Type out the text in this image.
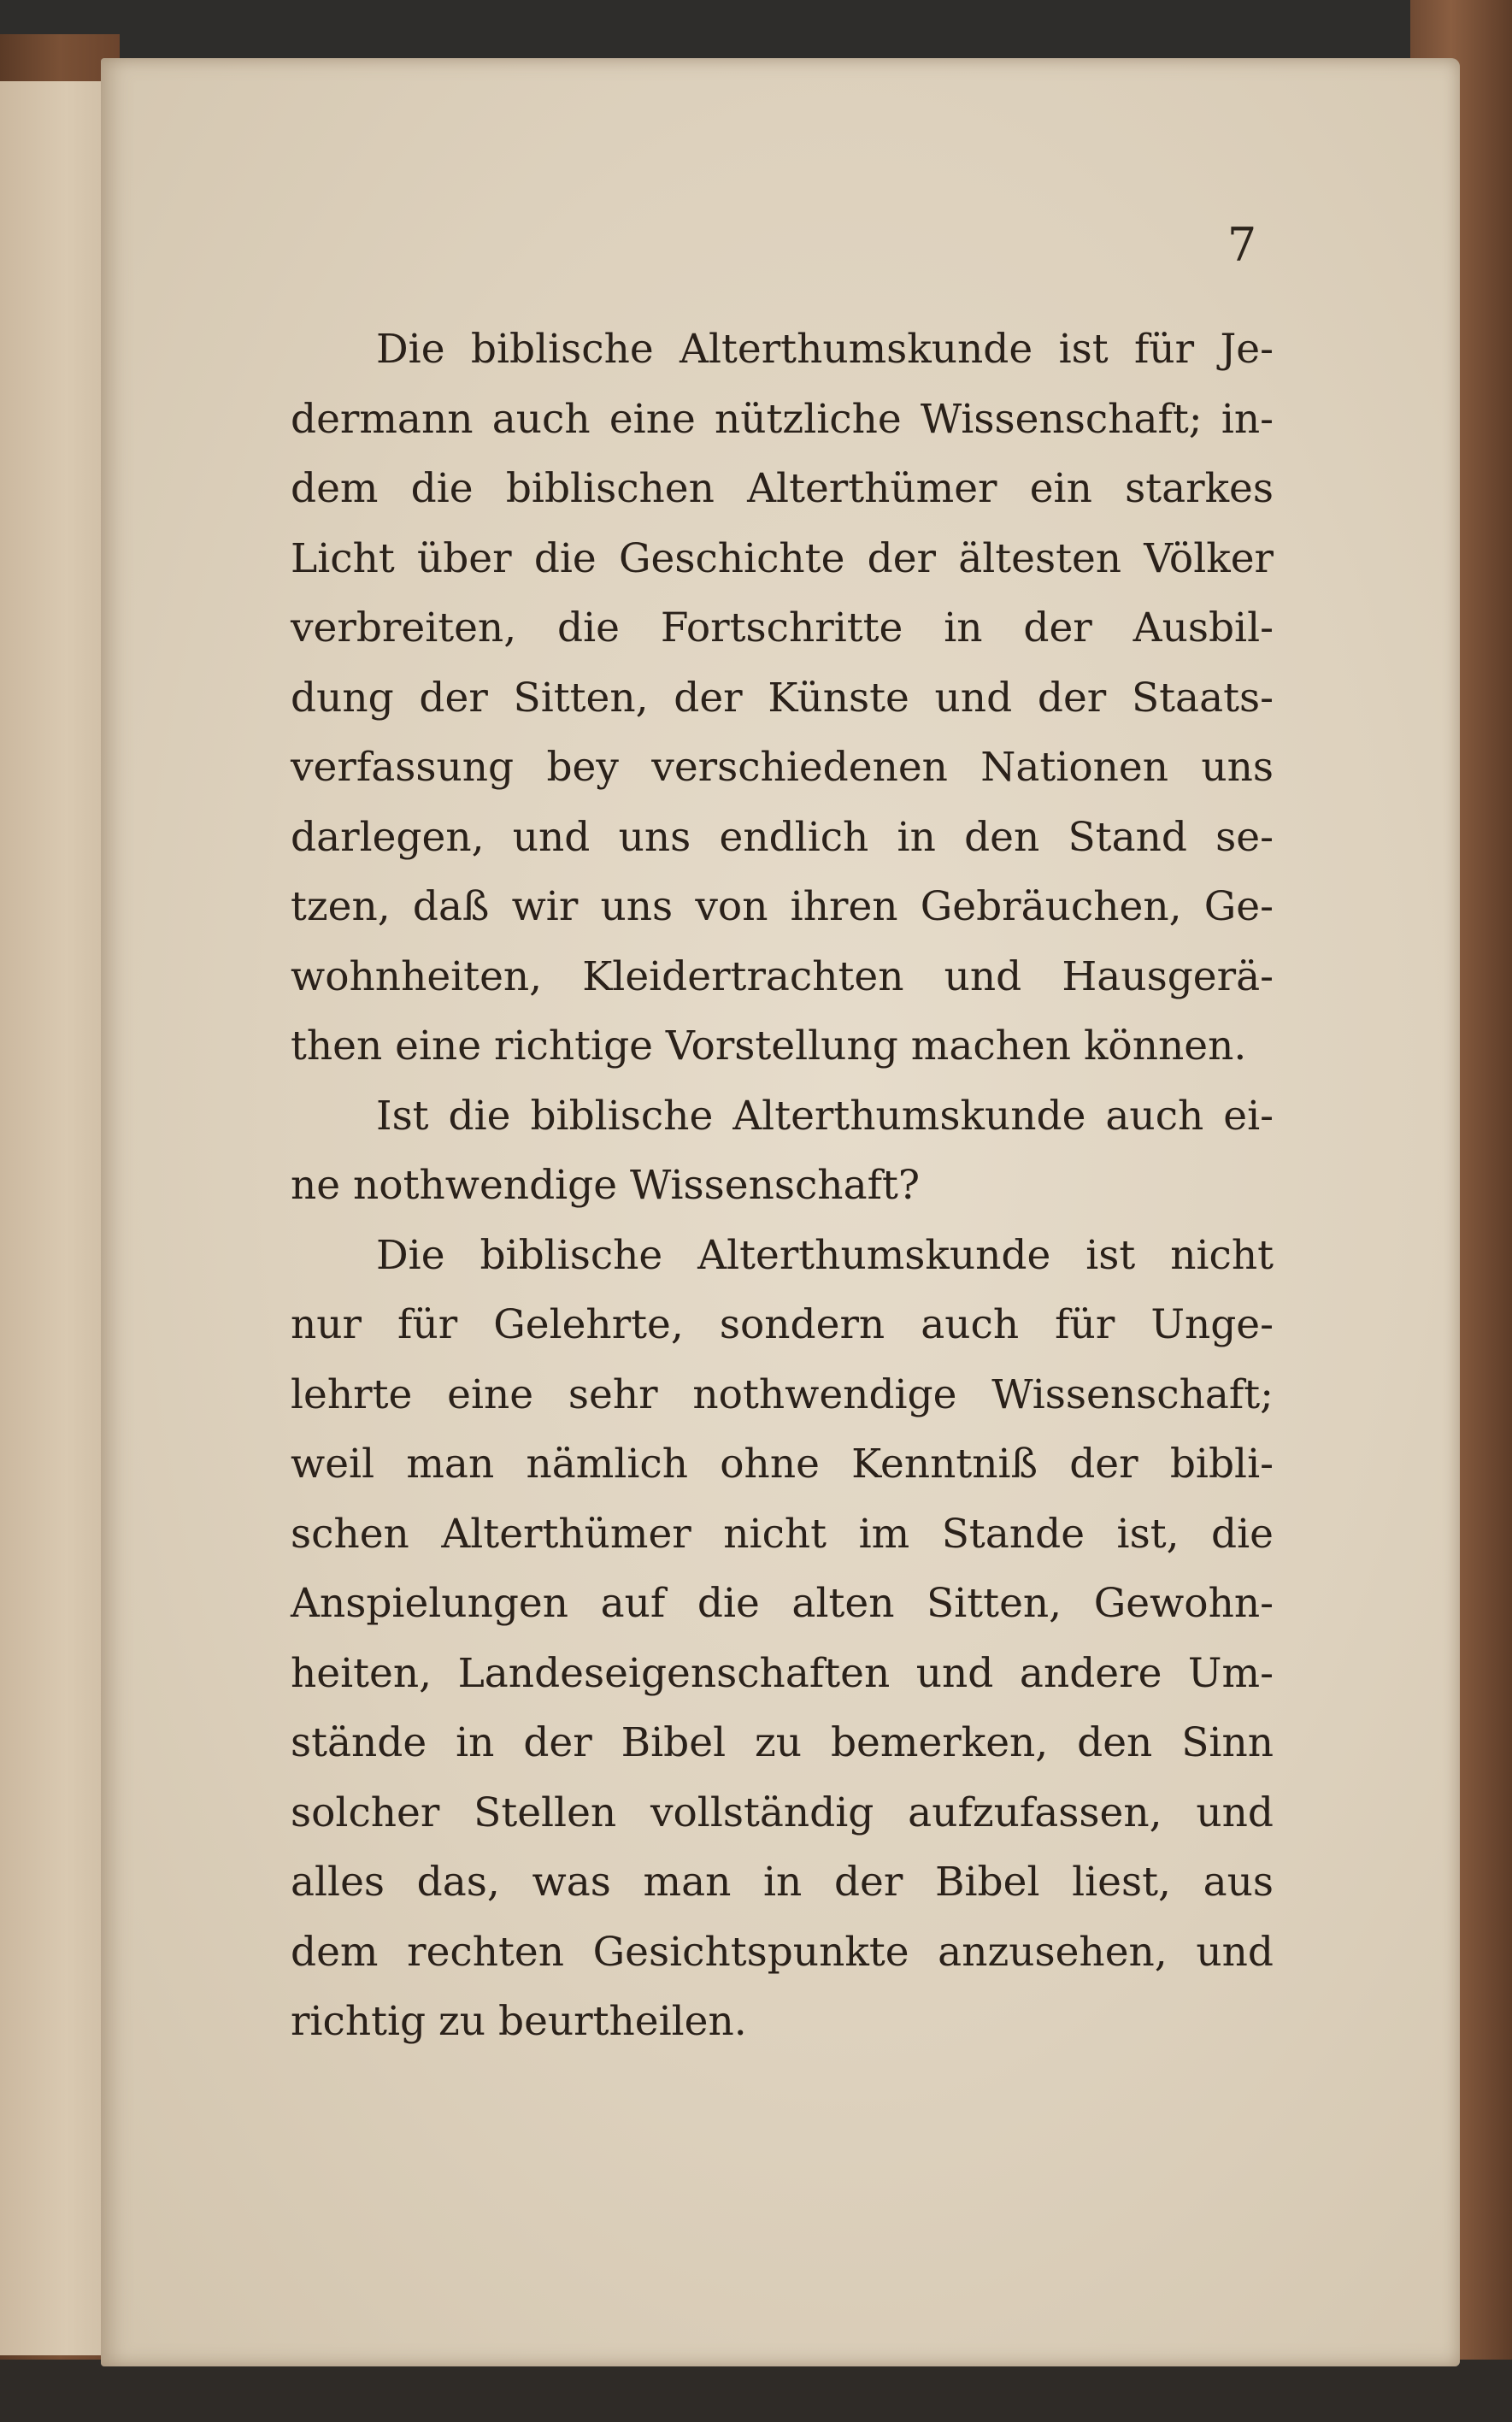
7
Die biblische Alterthumskunde ist für Je-
dermann auch eine nützliche Wissenschaft; in-
dem die biblischen Alterthümer ein starkes
Licht über die Geschichte der ältesten Völker
verbreiten, die Fortschritte in der Ausbil-
dung der Sitten, der Künste und der Staats-
verfassung bey verschiedenen Nationen uns
darlegen, und uns endlich in den Stand se-
tzen, daß wir uns von ihren Gebräuchen, Ge-
wohnheiten, Kleidertrachten und Hausgerä-
then eine richtige Vorstellung machen können.
Ist die biblische Alterthumskunde auch ei-
ne nothwendige Wissenschaft?
Die biblische Alterthumskunde ist nicht
nur für Gelehrte, sondern auch für Unge-
lehrte eine sehr nothwendige Wissenschaft;
weil man nämlich ohne Kenntniß der bibli-
schen Alterthümer nicht im Stande ist, die
Anspielungen auf die alten Sitten, Gewohn-
heiten, Landeseigenschaften und andere Um-
stände in der Bibel zu bemerken, den Sinn
solcher Stellen vollständig aufzufassen, und
alles das, was man in der Bibel liest, aus
dem rechten Gesichtspunkte anzusehen, und
richtig zu beurtheilen.
